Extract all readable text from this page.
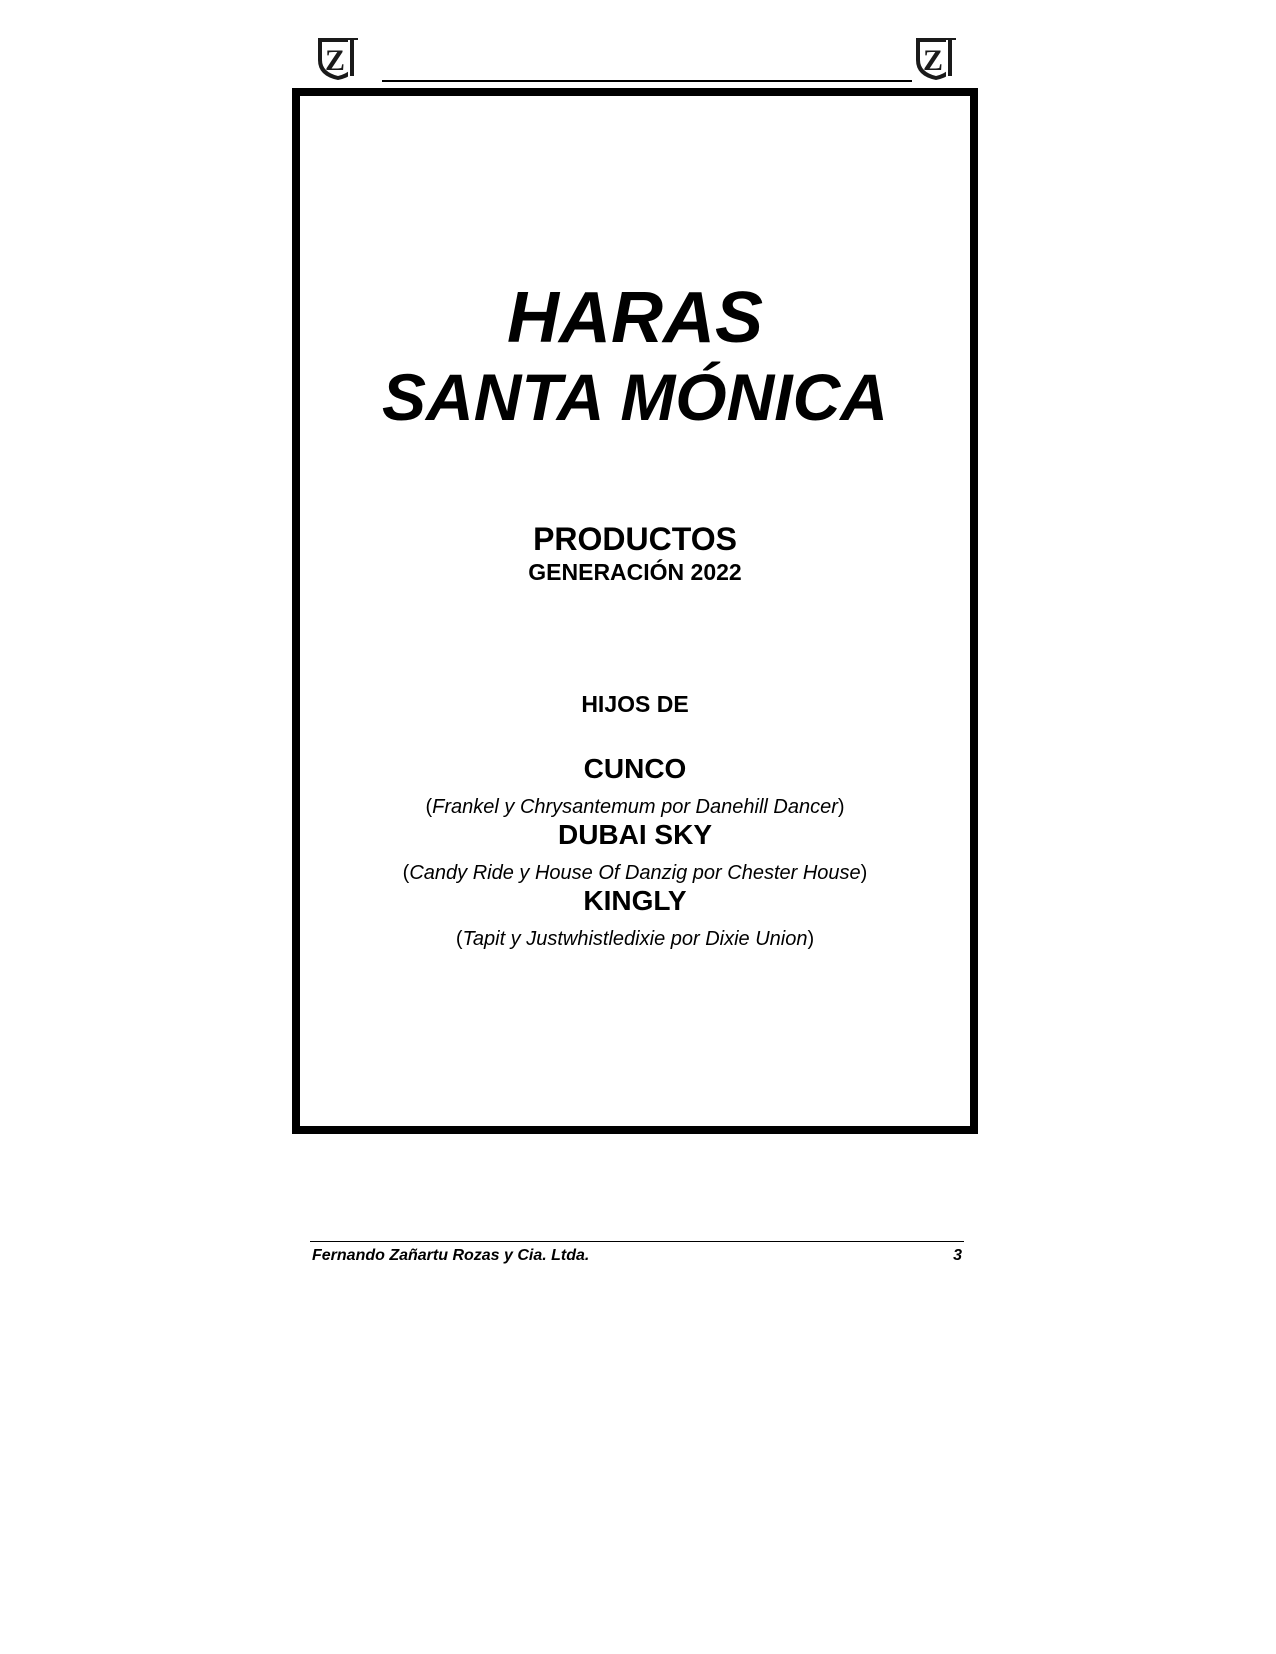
Z	Z
HARAS
SANTA MÓNICA
PRODUCTOS
GENERACIÓN 2022
HIJOS DE
CUNCO
(Frankel y Chrysantemum por Danehill Dancer)
DUBAI SKY
(Candy Ride y House Of Danzig por Chester House)
KINGLY
(Tapit y Justwhistledixie por Dixie Union)
Fernando Zañartu Rozas y Cia. Ltda.	3
